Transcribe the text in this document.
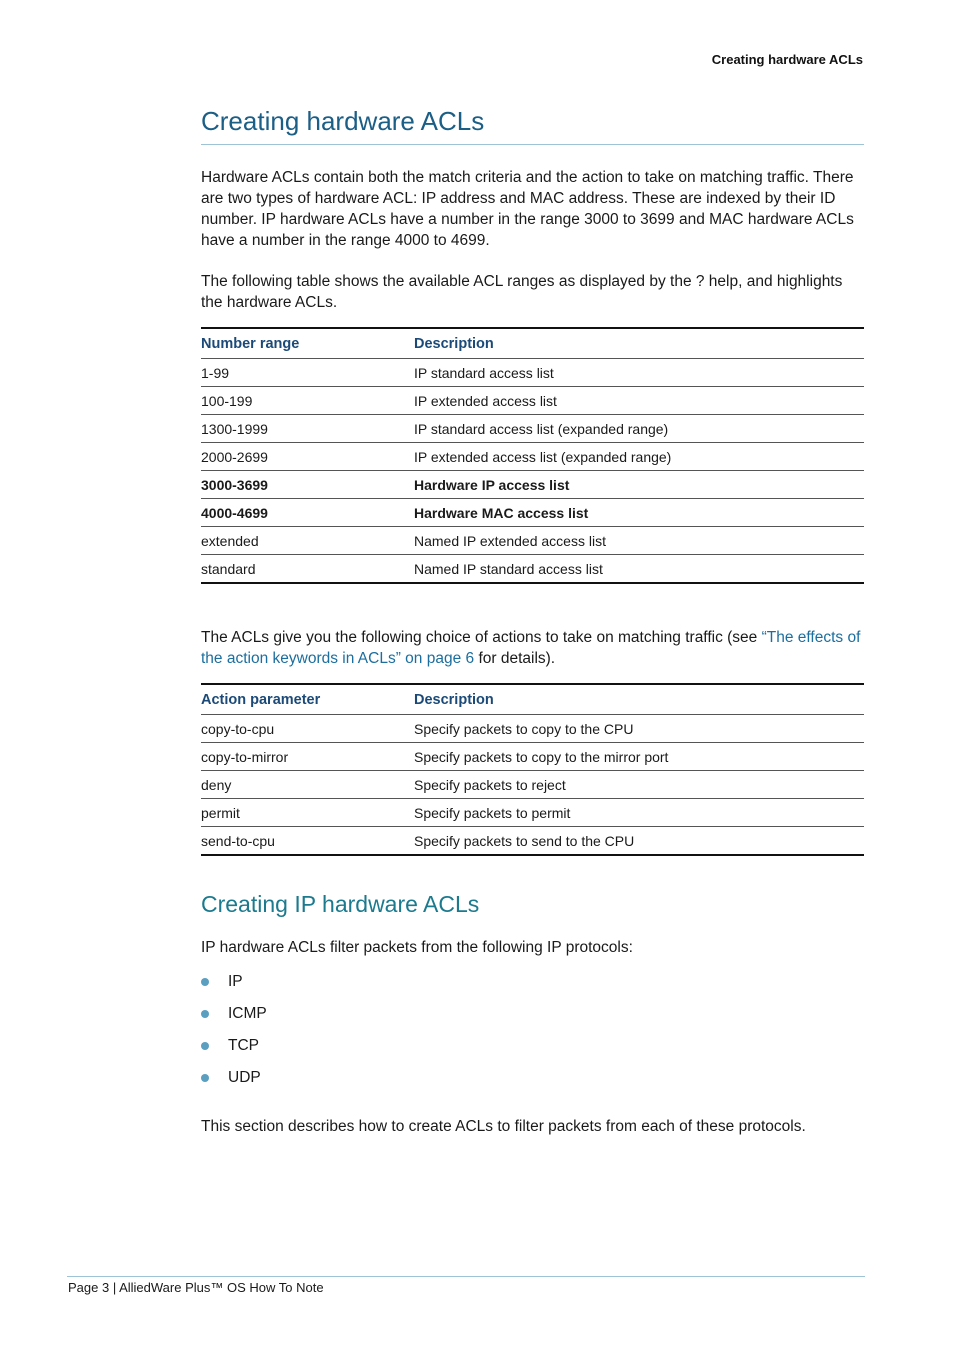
Creating hardware ACLs
Creating hardware ACLs

Hardware ACLs contain both the match criteria and the action to take on matching traffic. There are two types of hardware ACL: IP address and MAC address. These are indexed by their ID number. IP hardware ACLs have a number in the range 3000 to 3699 and MAC hardware ACLs have a number in the range 4000 to 4699.

The following table shows the available ACL ranges as displayed by the ? help, and highlights the hardware ACLs.

Number range	Description
1-99	IP standard access list
100-199	IP extended access list
1300-1999	IP standard access list (expanded range)
2000-2699	IP extended access list (expanded range)
3000-3699	Hardware IP access list
4000-4699	Hardware MAC access list
extended	Named IP extended access list
standard	Named IP standard access list

The ACLs give you the following choice of actions to take on matching traffic (see “The effects of the action keywords in ACLs” on page 6 for details).

Action parameter	Description
copy-to-cpu	Specify packets to copy to the CPU
copy-to-mirror	Specify packets to copy to the mirror port
deny	Specify packets to reject
permit	Specify packets to permit
send-to-cpu	Specify packets to send to the CPU
Creating IP hardware ACLs

IP hardware ACLs filter packets from the following IP protocols:

IP
ICMP
TCP
UDP

This section describes how to create ACLs to filter packets from each of these protocols.

Page 3 | AlliedWare Plus™ OS How To Note
